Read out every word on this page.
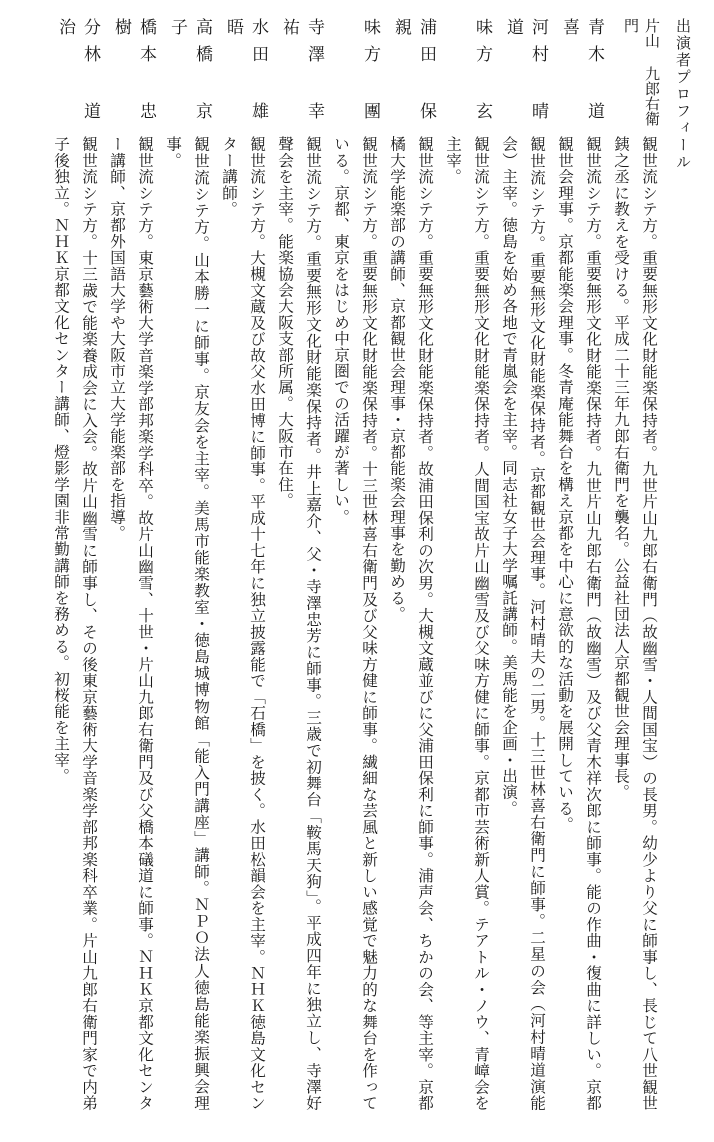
出演者プロフィール
片山 九郎右衛門
観世流シテ方。重要無形文化財能楽保持者。九世片山九郎右衛門（故幽雪・人間国宝）の長男。幼少より父に師事し、長じて八世観世銕之丞に教えを受ける。平成二十三年九郎右衛門を襲名。公益社団法人京都観世会理事長。
青木 道喜
観世流シテ方。重要無形文化財能楽保持者。九世片山九郎右衛門（故幽雪）及び父青木祥次郎に師事。能の作曲・復曲に詳しい。京都観世会理事。京都能楽会理事。冬青庵能舞台を構え京都を中心に意欲的な活動を展開している。
河村 晴道
観世流シテ方。重要無形文化財能楽保持者。京都観世会理事。河村晴夫の二男。十三世林喜右衛門に師事。二星の会（河村晴道演能会）主宰。徳島を始め各地で青嵐会を主宰。同志社女子大学嘱託講師。美馬能を企画・出演。
味方 玄
観世流シテ方。重要無形文化財能楽保持者。人間国宝故片山幽雪及び父味方健に師事。京都市芸術新人賞。テアトル・ノウ、青嶂会を主宰。
浦田 保親
観世流シテ方。重要無形文化財能楽保持者。故浦田保利の次男。大槻文蔵並びに父浦田保利に師事。浦声会、ちかの会、等主宰。京都橘大学能楽部の講師、京都観世会理事・京都能楽会理事を勤める。
味方 團
観世流シテ方。重要無形文化財能楽保持者。十三世林喜右衛門及び父味方健に師事。繊細な芸風と新しい感覚で魅力的な舞台を作っている。京都、東京をはじめ中京圏での活躍が著しい。
寺澤 幸祐
観世流シテ方。重要無形文化財能楽保持者。井上嘉介、父・寺澤忠芳に師事。三歳で初舞台「鞍馬天狗」。平成四年に独立し、寺澤好聲会を主宰。能楽協会大阪支部所属。大阪市在住。
水田 雄晤
観世流シテ方。大槻文蔵及び故父水田博に師事。平成十七年に独立披露能で「石橋」を披く。水田松韻会を主宰。ＮＨＫ徳島文化センター講師。
高橋 京子
観世流シテ方。山本勝一に師事。京友会を主宰。美馬市能楽教室・徳島城博物館「能入門講座」講師。ＮＰＯ法人徳島能楽振興会理事。
橋本 忠樹
観世流シテ方。東京藝術大学音楽学部邦楽学科卒。故片山幽雪、十世・片山九郎右衛門及び父橋本礒道に師事。ＮＨＫ京都文化センター講師、京都外国語大学や大阪市立大学能楽部を指導。
分林 道治
観世流シテ方。十三歳で能楽養成会に入会。故片山幽雪に師事し、その後東京藝術大学音楽学部邦楽科卒業。片山九郎右衛門家で内弟子後独立。ＮＨＫ京都文化センター講師、燈影学園非常勤講師を務める。初桜能を主宰。
